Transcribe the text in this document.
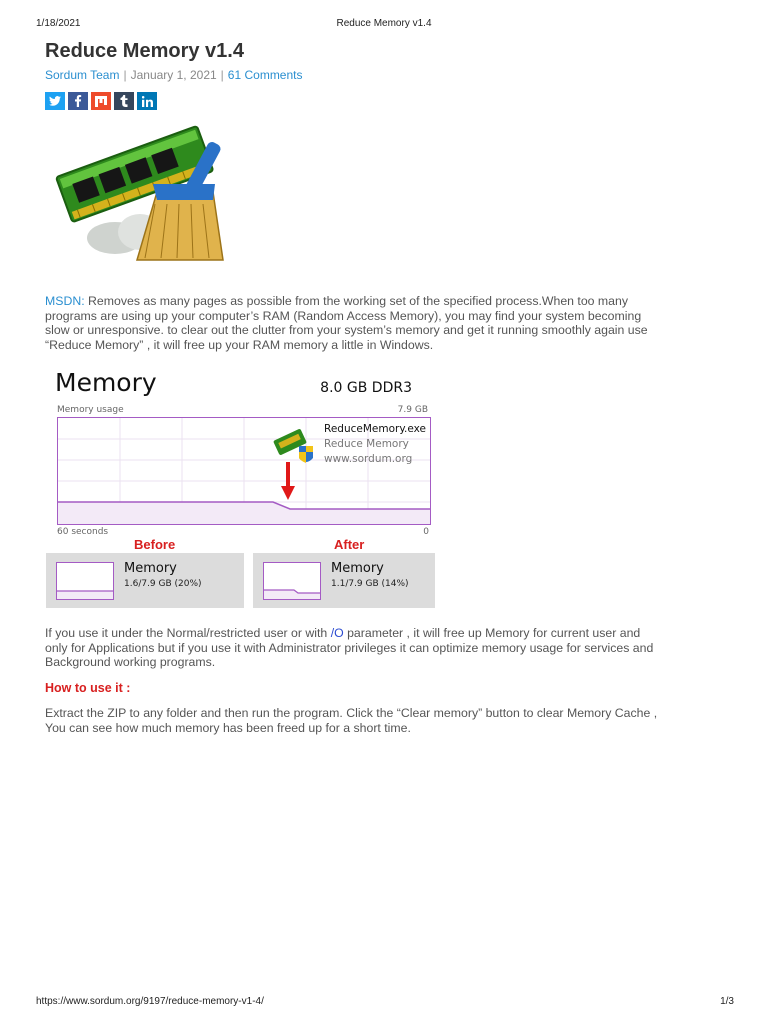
1/18/2021	Reduce Memory v1.4
Reduce Memory v1.4
Sordum Team | January 1, 2021 | 61 Comments

MSDN: Removes as many pages as possible from the working set of the specified process.When too many
programs are using up your computer’s RAM (Random Access Memory), you may find your system becoming
slow or unresponsive. to clear out the clutter from your system’s memory and get it running smoothly again use
“Reduce Memory” , it will free up your RAM memory a little in Windows.

Memory	8.0 GB DDR3
Memory usage	7.9 GB
ReduceMemory.exe
Reduce Memory
www.sordum.org
60 seconds	0
Before	After
Memory
1.6/7.9 GB (20%)
Memory
1.1/7.9 GB (14%)

If you use it under the Normal/restricted user or with /O parameter , it will free up Memory for current user and
only for Applications but if you use it with Administrator privileges it can optimize memory usage for services and
Background working programs.

How to use it :

Extract the ZIP to any folder and then run the program. Click the “Clear memory” button to clear Memory Cache ,
You can see how much memory has been freed up for a short time.

https://www.sordum.org/9197/reduce-memory-v1-4/	1/3
